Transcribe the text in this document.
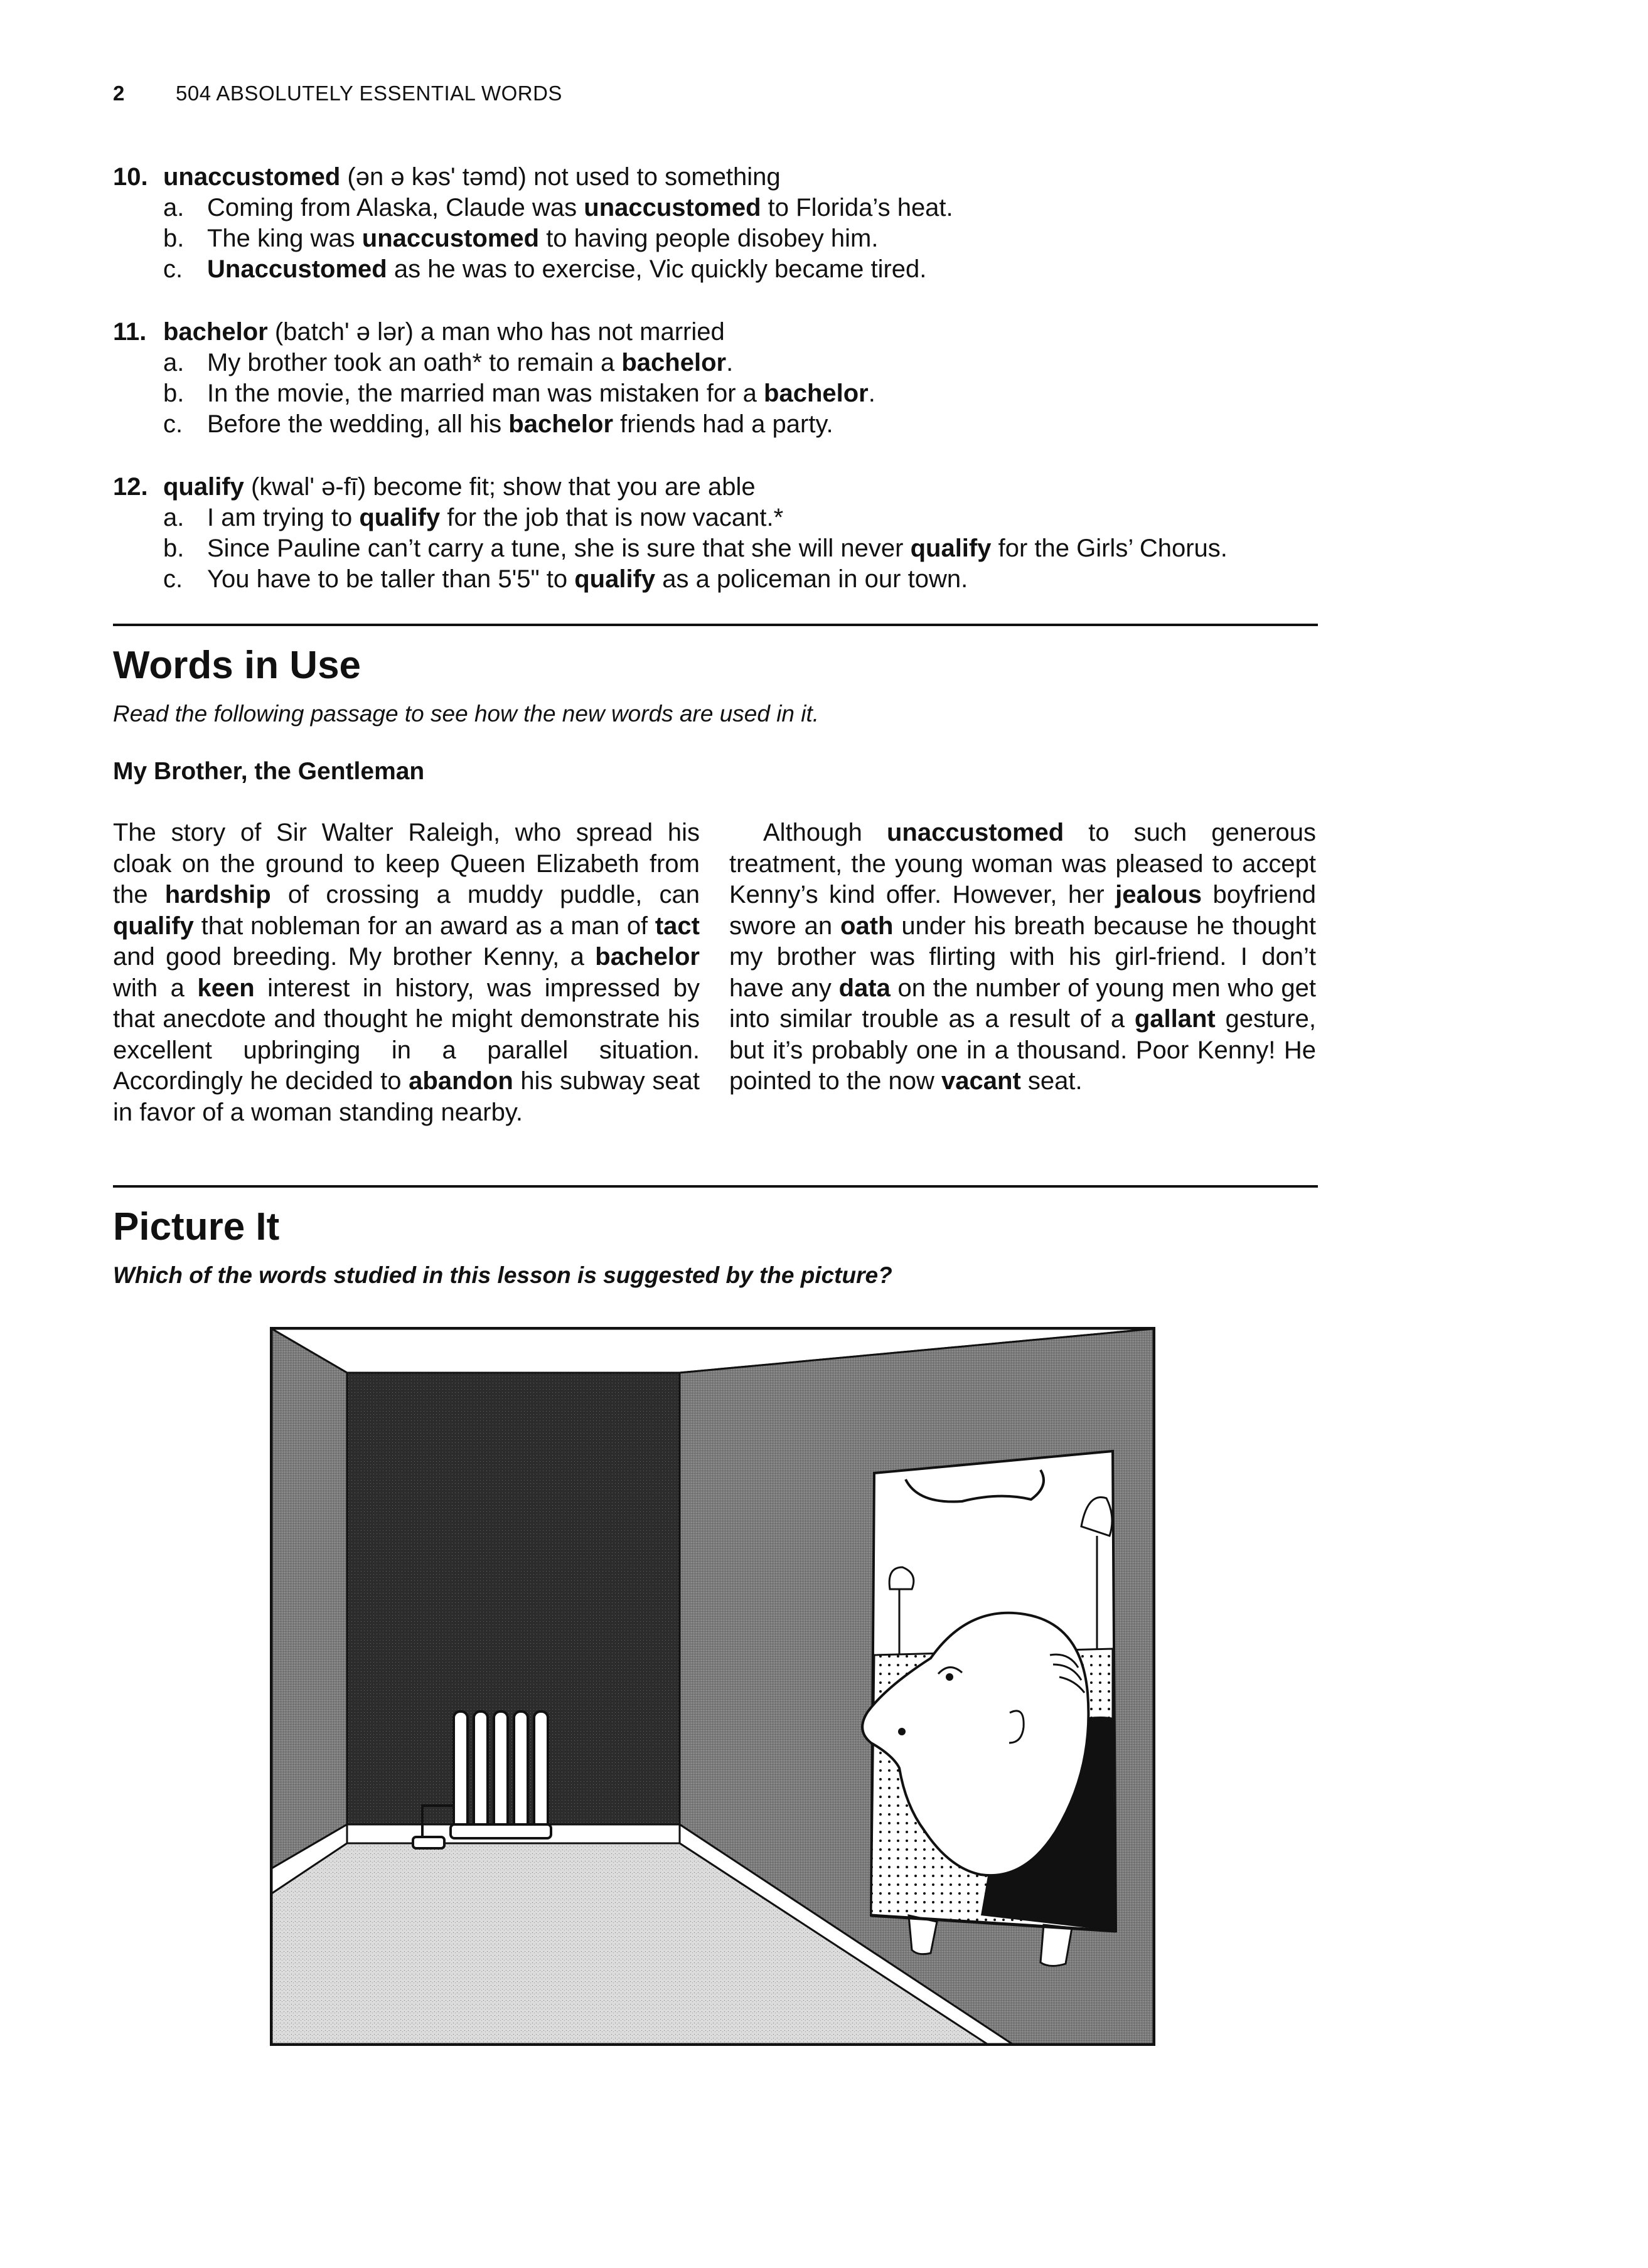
2 504 ABSOLUTELY ESSENTIAL WORDS
10. unaccustomed (ən ə kəs' təmd) not used to something
a. Coming from Alaska, Claude was unaccustomed to Florida’s heat.
b. The king was unaccustomed to having people disobey him.
c. Unaccustomed as he was to exercise, Vic quickly became tired.
11. bachelor (batch' ə lər) a man who has not married
a. My brother took an oath* to remain a bachelor.
b. In the movie, the married man was mistaken for a bachelor.
c. Before the wedding, all his bachelor friends had a party.
12. qualify (kwal' ə-fī) become fit; show that you are able
a. I am trying to qualify for the job that is now vacant.*
b. Since Pauline can’t carry a tune, she is sure that she will never qualify for the Girls’ Chorus.
c. You have to be taller than 5'5" to qualify as a policeman in our town.
Words in Use
Read the following passage to see how the new words are used in it.
My Brother, the Gentleman
The story of Sir Walter Raleigh, who spread his cloak on the ground to keep Queen Elizabeth from the hardship of crossing a muddy puddle, can qualify that nobleman for an award as a man of tact and good breeding. My brother Kenny, a bachelor with a keen interest in history, was impressed by that anecdote and thought he might demonstrate his excellent upbringing in a parallel situation. Accordingly he decided to abandon his subway seat in favor of a woman standing nearby.
Although unaccustomed to such generous treatment, the young woman was pleased to accept Kenny’s kind offer. However, her jealous boyfriend swore an oath under his breath because he thought my brother was flirting with his girl-friend. I don’t have any data on the number of young men who get into similar trouble as a result of a gallant gesture, but it’s probably one in a thousand. Poor Kenny! He pointed to the now vacant seat.
Picture It
Which of the words studied in this lesson is suggested by the picture?
